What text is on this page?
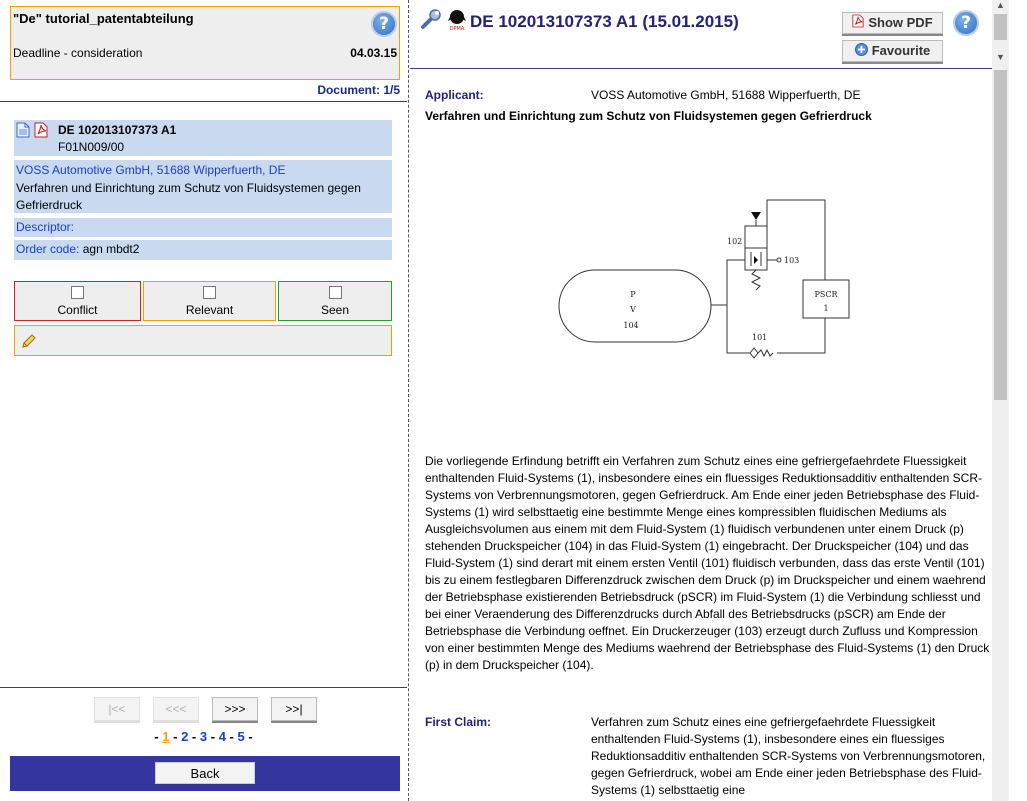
"De" tutorial_patentabteilung	?
Deadline - consideration	04.03.15
Document: 1/5
DE 102013107373 A1
F01N009/00
VOSS Automotive GmbH, 51688 Wipperfuerth, DE
Verfahren und Einrichtung zum Schutz von Fluidsystemen gegen Gefrierdruck
Descriptor:
Order code: agn mbdt2
Conflict	Relevant	Seen
|<<	<<<	>>>	>>|
- 1 - 2 - 3 - 4 - 5 -
Back

DPMA DE 102013107373 A1 (15.01.2015)	Show PDF
Favourite
?
▲
▼
Applicant:	VOSS Automotive GmbH, 51688 Wipperfuerth, DE
Verfahren und Einrichtung zum Schutz von Fluidsystemen gegen Gefrierdruck
P
V
104
102
103
101
PSCR
1
Die vorliegende Erfindung betrifft ein Verfahren zum Schutz eines eine gefriergefaehrdete Fluessigkeit enthaltenden Fluid-Systems (1), insbesondere eines ein fluessiges Reduktionsadditiv enthaltenden SCR-Systems von Verbrennungsmotoren, gegen Gefrierdruck. Am Ende einer jeden Betriebsphase des Fluid-Systems (1) wird selbsttaetig eine bestimmte Menge eines kompressiblen fluidischen Mediums als Ausgleichsvolumen aus einem mit dem Fluid-System (1) fluidisch verbundenen unter einem Druck (p) stehenden Druckspeicher (104) in das Fluid-System (1) eingebracht. Der Druckspeicher (104) und das Fluid-System (1) sind derart mit einem ersten Ventil (101) fluidisch verbunden, dass das erste Ventil (101) bis zu einem festlegbaren Differenzdruck zwischen dem Druck (p) im Druckspeicher und einem waehrend der Betriebsphase existierenden Betriebsdruck (pSCR) im Fluid-System (1) die Verbindung schliesst und bei einer Veraenderung des Differenzdrucks durch Abfall des Betriebsdrucks (pSCR) am Ende der Betriebsphase die Verbindung oeffnet. Ein Druckerzeuger (103) erzeugt durch Zufluss und Kompression von einer bestimmten Menge des Mediums waehrend der Betriebsphase des Fluid-Systems (1) den Druck (p) in dem Druckspeicher (104).
First Claim:	Verfahren zum Schutz eines eine gefriergefaehrdete Fluessigkeit enthaltenden Fluid-Systems (1), insbesondere eines ein fluessiges Reduktionsadditiv enthaltenden SCR-Systems von Verbrennungsmotoren, gegen Gefrierdruck, wobei am Ende einer jeden Betriebsphase des Fluid-Systems (1) selbsttaetig eine
